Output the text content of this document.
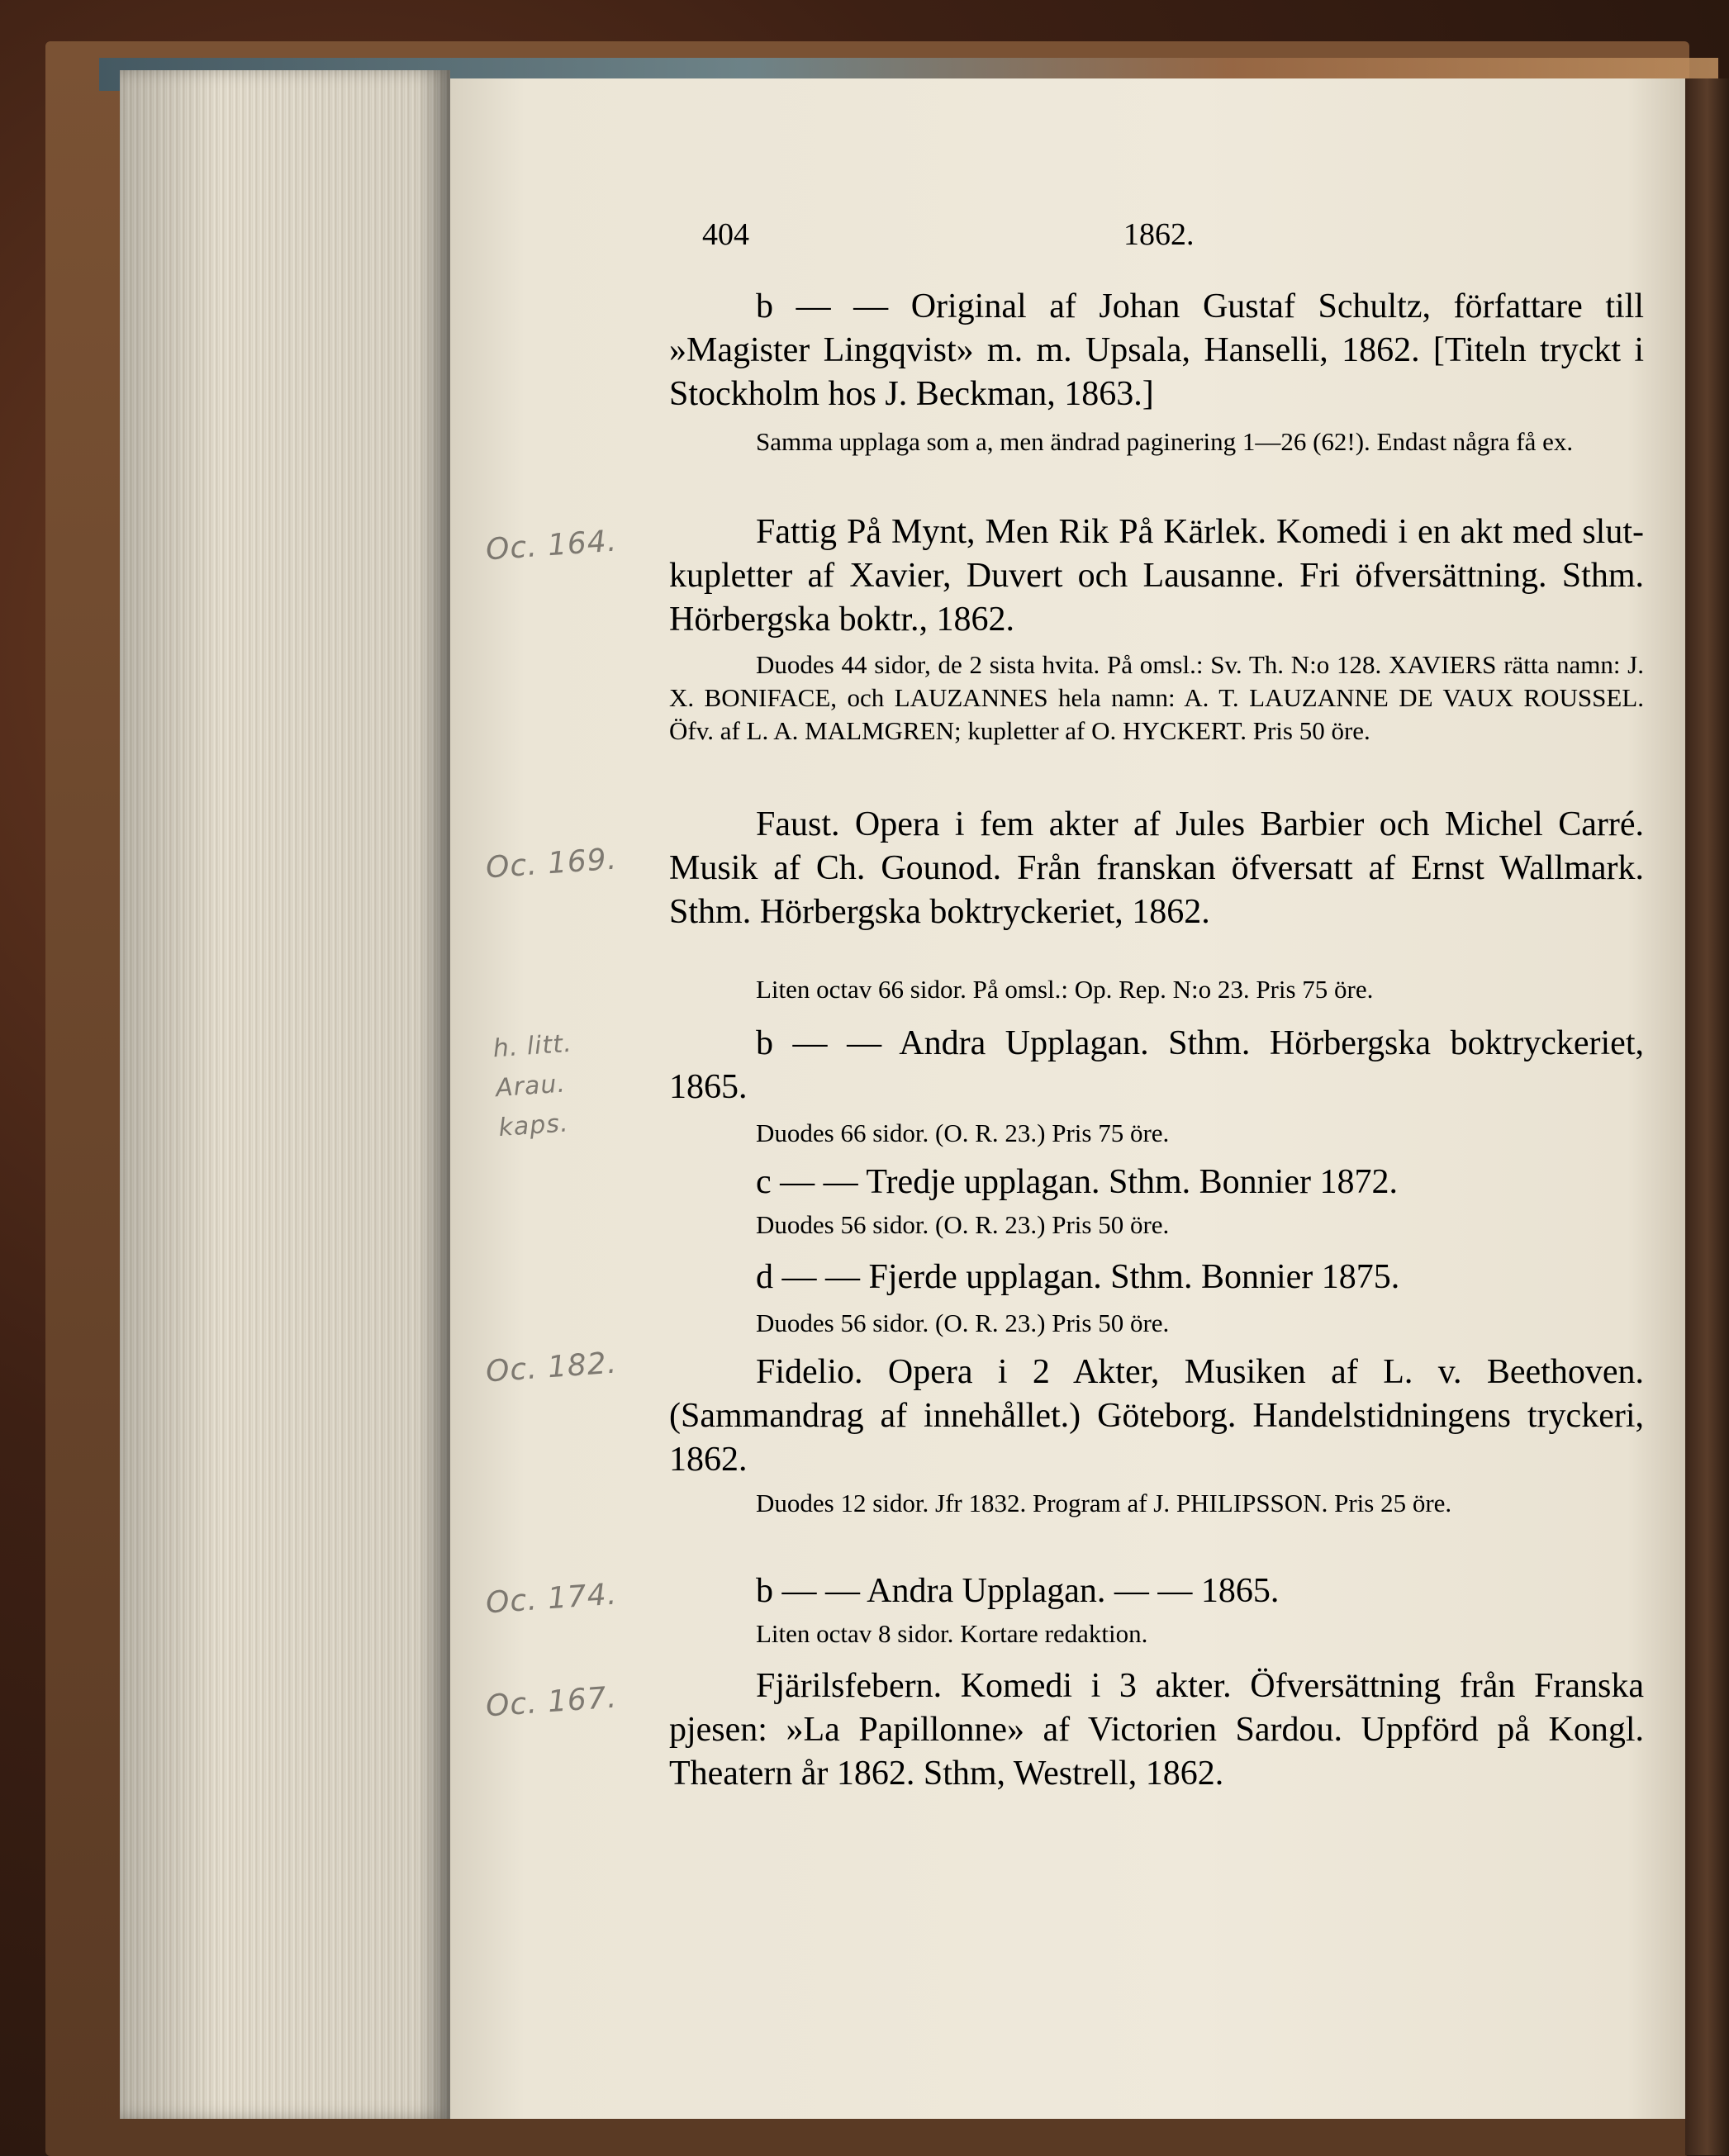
404	1862.
b — — Original af Johan Gustaf Schultz, författare till »Magister Lingqvist» m. m. Upsala, Hanselli, 1862. [Titeln tryckt i Stockholm hos J. Beckman, 1863.]
Samma upplaga som a, men ändrad paginering 1—26 (62!). Endast några få ex.
Fattig På Mynt, Men Rik På Kärlek. Komedi i en akt med slut-kupletter af Xavier, Duvert och Lausanne. Fri öfversättning. Sthm. Hörbergska boktr., 1862.
Duodes 44 sidor, de 2 sista hvita. På omsl.: Sv. Th. N:o 128. XAVIERS rätta namn: J. X. BONIFACE, och LAUZANNES hela namn: A. T. LAUZANNE DE VAUX ROUSSEL. Öfv. af L. A. MALMGREN; kupletter af O. HYCKERT. Pris 50 öre.
Faust. Opera i fem akter af Jules Barbier och Michel Carré. Musik af Ch. Gounod. Från franskan öfversatt af Ernst Wallmark. Sthm. Hörbergska boktryckeriet, 1862.
Liten octav 66 sidor. På omsl.: Op. Rep. N:o 23. Pris 75 öre.
b — — Andra Upplagan. Sthm. Hörbergska boktryckeriet, 1865.
Duodes 66 sidor. (O. R. 23.) Pris 75 öre.
c — — Tredje upplagan. Sthm. Bonnier 1872.
Duodes 56 sidor. (O. R. 23.) Pris 50 öre.
d — — Fjerde upplagan. Sthm. Bonnier 1875.
Duodes 56 sidor. (O. R. 23.) Pris 50 öre.
Fidelio. Opera i 2 Akter, Musiken af L. v. Beethoven. (Sammandrag af innehållet.) Göteborg. Handelstidningens tryckeri, 1862.
Duodes 12 sidor. Jfr 1832. Program af J. PHILIPSSON. Pris 25 öre.
b — — Andra Upplagan. — — 1865.
Liten octav 8 sidor. Kortare redaktion.
Fjärilsfebern. Komedi i 3 akter. Öfversättning från Franska pjesen: »La Papillonne» af Victorien Sardou. Uppförd på Kongl. Theatern år 1862. Sthm, Westrell, 1862.
Oc. 164.
Oc. 169.
h. litt. Arau. kaps.
Oc. 182.
Oc. 174.
Oc. 167.
